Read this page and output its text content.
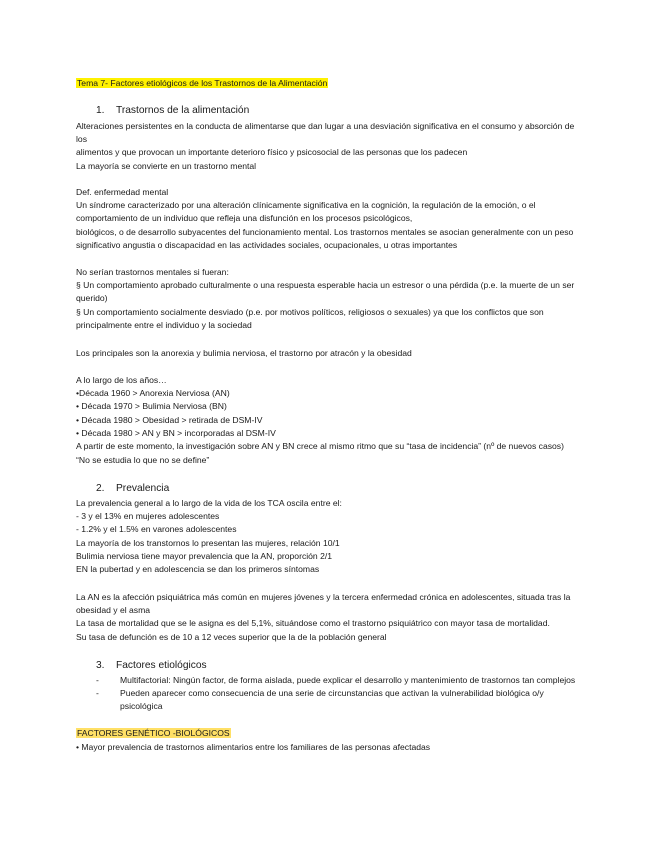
Tema 7- Factores etiológicos de los Trastornos de la Alimentación
1. Trastornos de la alimentación
Alteraciones persistentes en la conducta de alimentarse que dan lugar a una desviación significativa en el consumo y absorción de
los
alimentos y que provocan un importante deterioro físico y psicosocial de las personas que los padecen
La mayoría se convierte en un trastorno mental
Def. enfermedad mental
Un síndrome caracterizado por una alteración clínicamente significativa en la cognición, la regulación de la emoción, o el
comportamiento de un individuo que refleja una disfunción en los procesos psicológicos,
biológicos, o de desarrollo subyacentes del funcionamiento mental. Los trastornos mentales se asocian generalmente con un peso
significativo angustia o discapacidad en las actividades sociales, ocupacionales, u otras importantes
No serían trastornos mentales si fueran:
§ Un comportamiento aprobado culturalmente o una respuesta esperable hacia un estresor o una pérdida (p.e. la muerte de un ser
querido)
§ Un comportamiento socialmente desviado (p.e. por motivos políticos, religiosos o sexuales) ya que los conflictos que son
principalmente entre el individuo y la sociedad
Los principales son la anorexia y bulimia nerviosa, el trastorno por atracón y la obesidad
A lo largo de los años…
•Década 1960 > Anorexia Nerviosa (AN)
• Década 1970 > Bulimia Nerviosa (BN)
• Década 1980 > Obesidad > retirada de DSM-IV
• Década 1980 > AN y BN > incorporadas al DSM-IV
A partir de este momento, la investigación sobre AN y BN crece al mismo ritmo que su “tasa de incidencia” (nº de nuevos casos)
“No se estudia lo que no se define”
2. Prevalencia
La prevalencia general a lo largo de la vida de los TCA oscila entre el:
- 3 y el 13% en mujeres adolescentes
- 1.2% y el 1.5% en varones adolescentes
La mayoría de los transtornos lo presentan las mujeres, relación 10/1
Bulimia nerviosa tiene mayor prevalencia que la AN, proporción 2/1
EN la pubertad y en adolescencia se dan los primeros síntomas
La AN es la afección psiquiátrica más común en mujeres jóvenes y la tercera enfermedad crónica en adolescentes, situada tras la
obesidad y el asma
La tasa de mortalidad que se le asigna es del 5,1%, situándose como el trastorno psiquiátrico con mayor tasa de mortalidad.
Su tasa de defunción es de 10 a 12 veces superior que la de la población general
3. Factores etiológicos
- Multifactorial: Ningún factor, de forma aislada, puede explicar el desarrollo y mantenimiento de trastornos tan complejos
- Pueden aparecer como consecuencia de una serie de circunstancias que activan la vulnerabilidad biológica o/y
psicológica
FACTORES GENÉTICO -BIOLÓGICOS
• Mayor prevalencia de trastornos alimentarios entre los familiares de las personas afectadas
